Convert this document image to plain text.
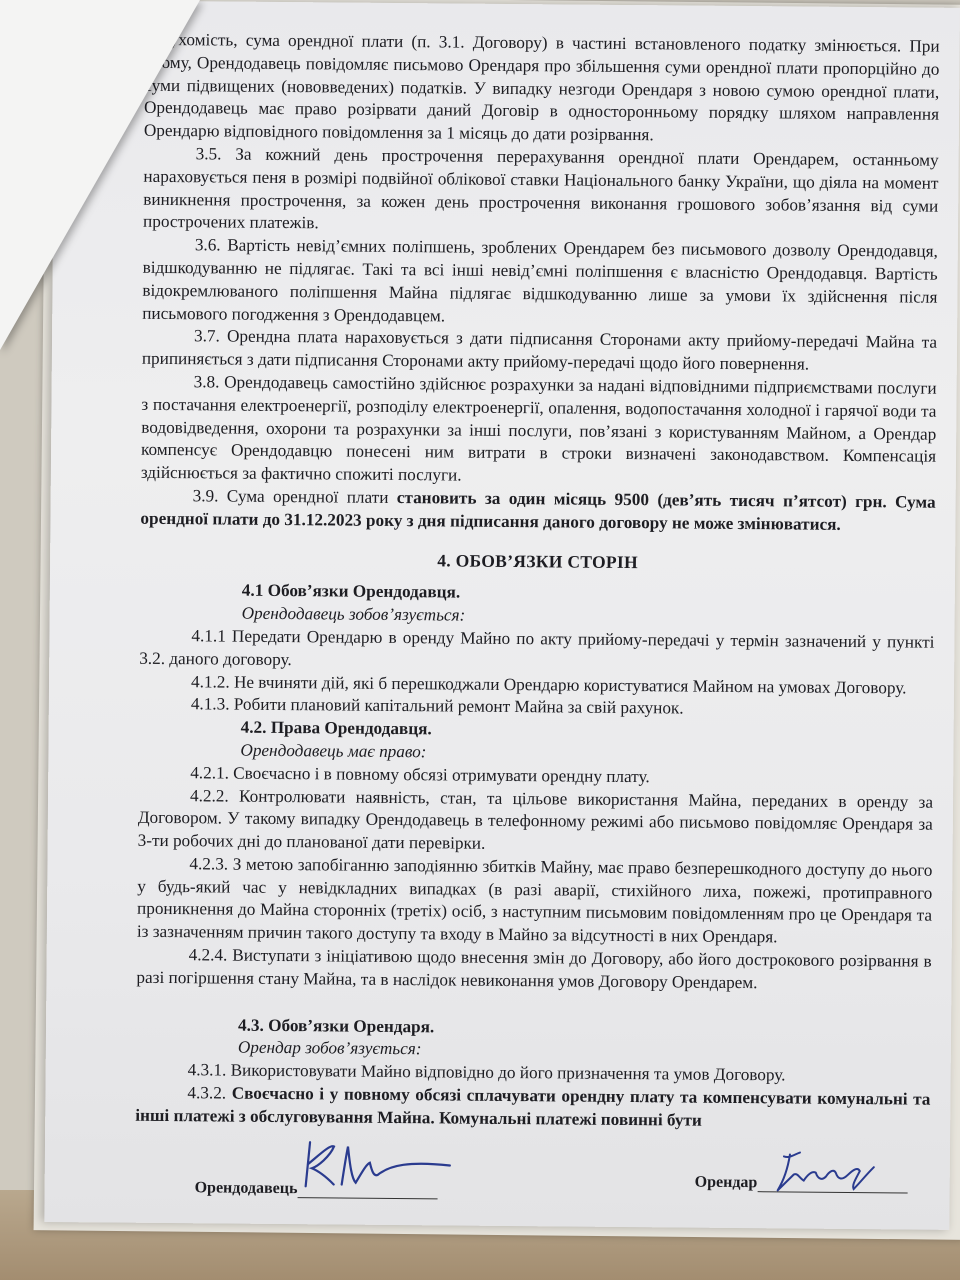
нерухомість, сума орендної плати (п. 3.1. Договору) в частині встановленого податку змінюється. При цьому, Орендодавець повідомляє письмово Орендаря про збільшення суми орендної плати пропорційно до суми підвищених (нововведених) податків. У випадку незгоди Орендаря з новою сумою орендної плати, Орендодавець має право розірвати даний Договір в односторонньому порядку шляхом направлення Орендарю відповідного повідомлення за 1 місяць до дати розірвання.

3.5. За кожний день прострочення перерахування орендної плати Орендарем, останньому нараховується пеня в розмірі подвійної облікової ставки Національного банку України, що діяла на момент виникнення прострочення, за кожен день прострочення виконання грошового зобов’язання від суми прострочених платежів.

3.6. Вартість невід’ємних поліпшень, зроблених Орендарем без письмового дозволу Орендодавця, відшкодуванню не підлягає. Такі та всі інші невід’ємні поліпшення є власністю Орендодавця. Вартість відокремлюваного поліпшення Майна підлягає відшкодуванню лише за умови їх здійснення після письмового погодження з Орендодавцем.

3.7. Орендна плата нараховується з дати підписання Сторонами акту прийому-передачі Майна та припиняється з дати підписання Сторонами акту прийому-передачі щодо його повернення.

3.8. Орендодавець самостійно здійснює розрахунки за надані відповідними підприємствами послуги з постачання електроенергії, розподілу електроенергії, опалення, водопостачання холодної і гарячої води та водовідведення, охорони та розрахунки за інші послуги, пов’язані з користуванням Майном, а Орендар компенсує Орендодавцю понесені ним витрати в строки визначені законодавством. Компенсація здійснюється за фактично спожиті послуги.

3.9. Сума орендної плати становить за один місяць 9500 (дев’ять тисяч п’ятсот) грн. Сума орендної плати до 31.12.2023 року з дня підписання даного договору не може змінюватися.

4. ОБОВ’ЯЗКИ СТОРІН

4.1 Обов’язки Орендодавця.

Орендодавець зобов’язується:

4.1.1 Передати Орендарю в оренду Майно по акту прийому-передачі у термін зазначений у пункті 3.2. даного договору.

4.1.2. Не вчиняти дій, які б перешкоджали Орендарю користуватися Майном на умовах Договору.

4.1.3. Робити плановий капітальний ремонт Майна за свій рахунок.

4.2. Права Орендодавця.

Орендодавець має право:

4.2.1. Своєчасно і в повному обсязі отримувати орендну плату.

4.2.2. Контролювати наявність, стан, та цільове використання Майна, переданих в оренду за Договором. У такому випадку Орендодавець в телефонному режимі або письмово повідомляє Орендаря за 3-ти робочих дні до планованої дати перевірки.

4.2.3. З метою запобіганню заподіянню збитків Майну, має право безперешкодного доступу до нього у будь-який час у невідкладних випадках (в разі аварії, стихійного лиха, пожежі, протиправного проникнення до Майна сторонніх (третіх) осіб, з наступним письмовим повідомленням про це Орендаря та із зазначенням причин такого доступу та входу в Майно за відсутності в них Орендаря.

4.2.4. Виступати з ініціативою щодо внесення змін до Договору, або його дострокового розірвання в разі погіршення стану Майна, та в наслідок невиконання умов Договору Орендарем.

4.3. Обов’язки Орендаря.

Орендар зобов’язується:

4.3.1. Використовувати Майно відповідно до його призначення та умов Договору.

4.3.2. Своєчасно і у повному обсязі сплачувати орендну плату та компенсувати комунальні та інші платежі з обслуговування Майна. Комунальні платежі повинні бути

Орендодавець	Орендар
